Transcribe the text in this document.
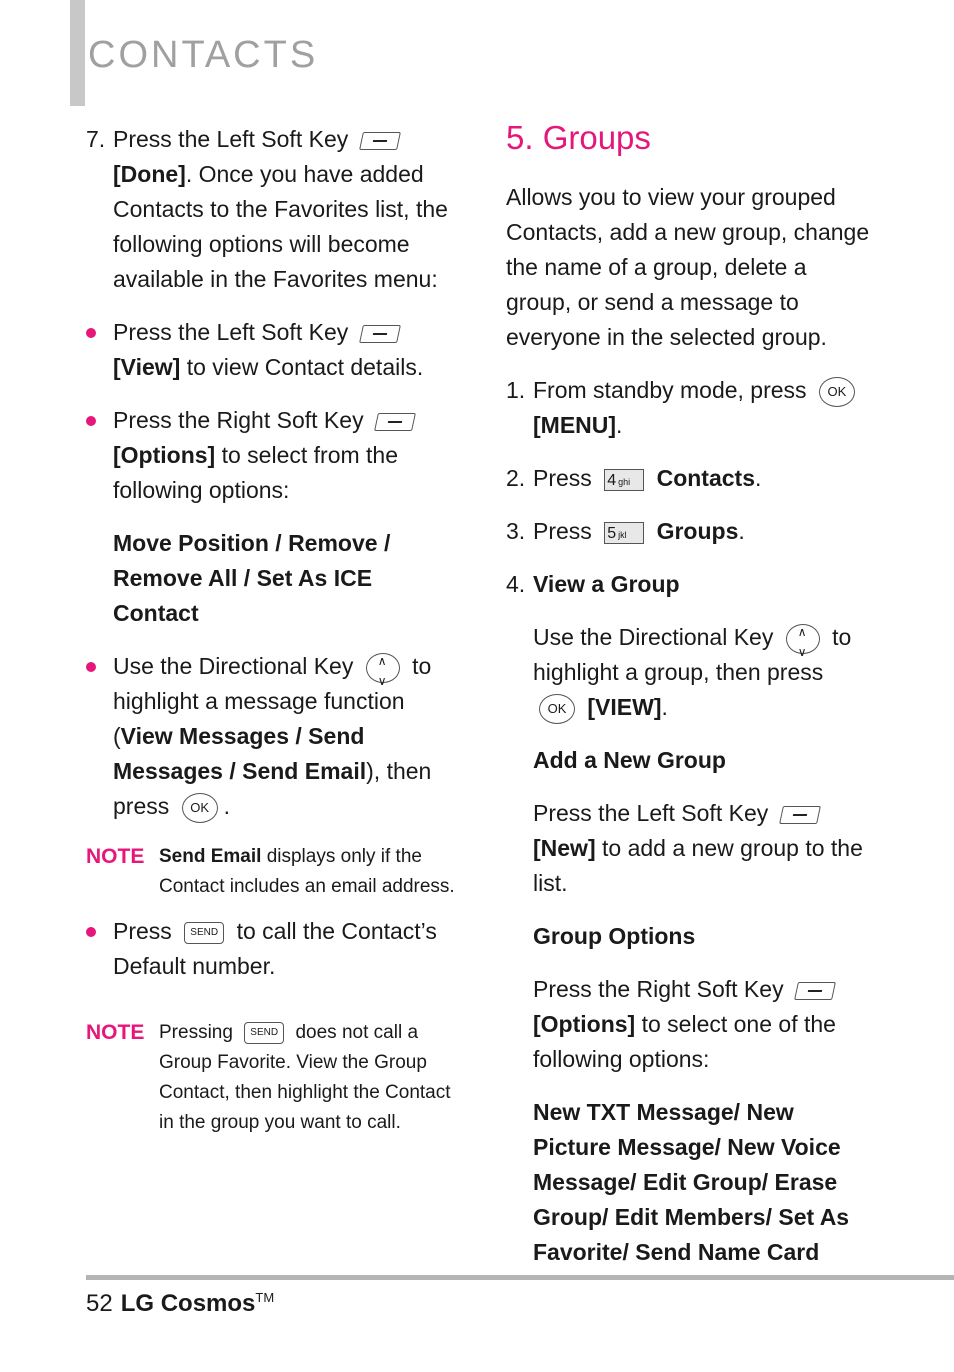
CONTACTS
7. Press the Left Soft Key  [Done]. Once you have added Contacts to the Favorites list, the following options will become available in the Favorites menu:
Press the Left Soft Key  [View] to view Contact details.
Press the Right Soft Key  [Options] to select from the following options:
Move Position / Remove / Remove All / Set As ICE Contact
Use the Directional Key ∧ ∨	to highlight a message function (View Messages / Send Messages / Send Email), then press OK .
NOTE Send Email displays only if the Contact includes an email address.
Press SEND to call the Contact’s Default number.
NOTE Pressing SEND does not call a Group Favorite. View the Group Contact, then highlight the Contact in the group you want to call.
5. Groups
Allows you to view your grouped Contacts, add a new group, change the name of a group, delete a group, or send a message to everyone in the selected group.
1. From standby mode, press OK [MENU].
2. Press 4 ghi Contacts.
3. Press 5 jkl Groups.
4. View a Group
Use the Directional Key ∧ ∨	to highlight a group, then press OK [VIEW].
Add a New Group
Press the Left Soft Key  [New] to add a new group to the list.
Group Options
Press the Right Soft Key  [Options] to select one of the following options:
New TXT Message/ New Picture Message/ New Voice Message/ Edit Group/ Erase Group/ Edit Members/ Set As Favorite/ Send Name Card
52 LG Cosmos™
